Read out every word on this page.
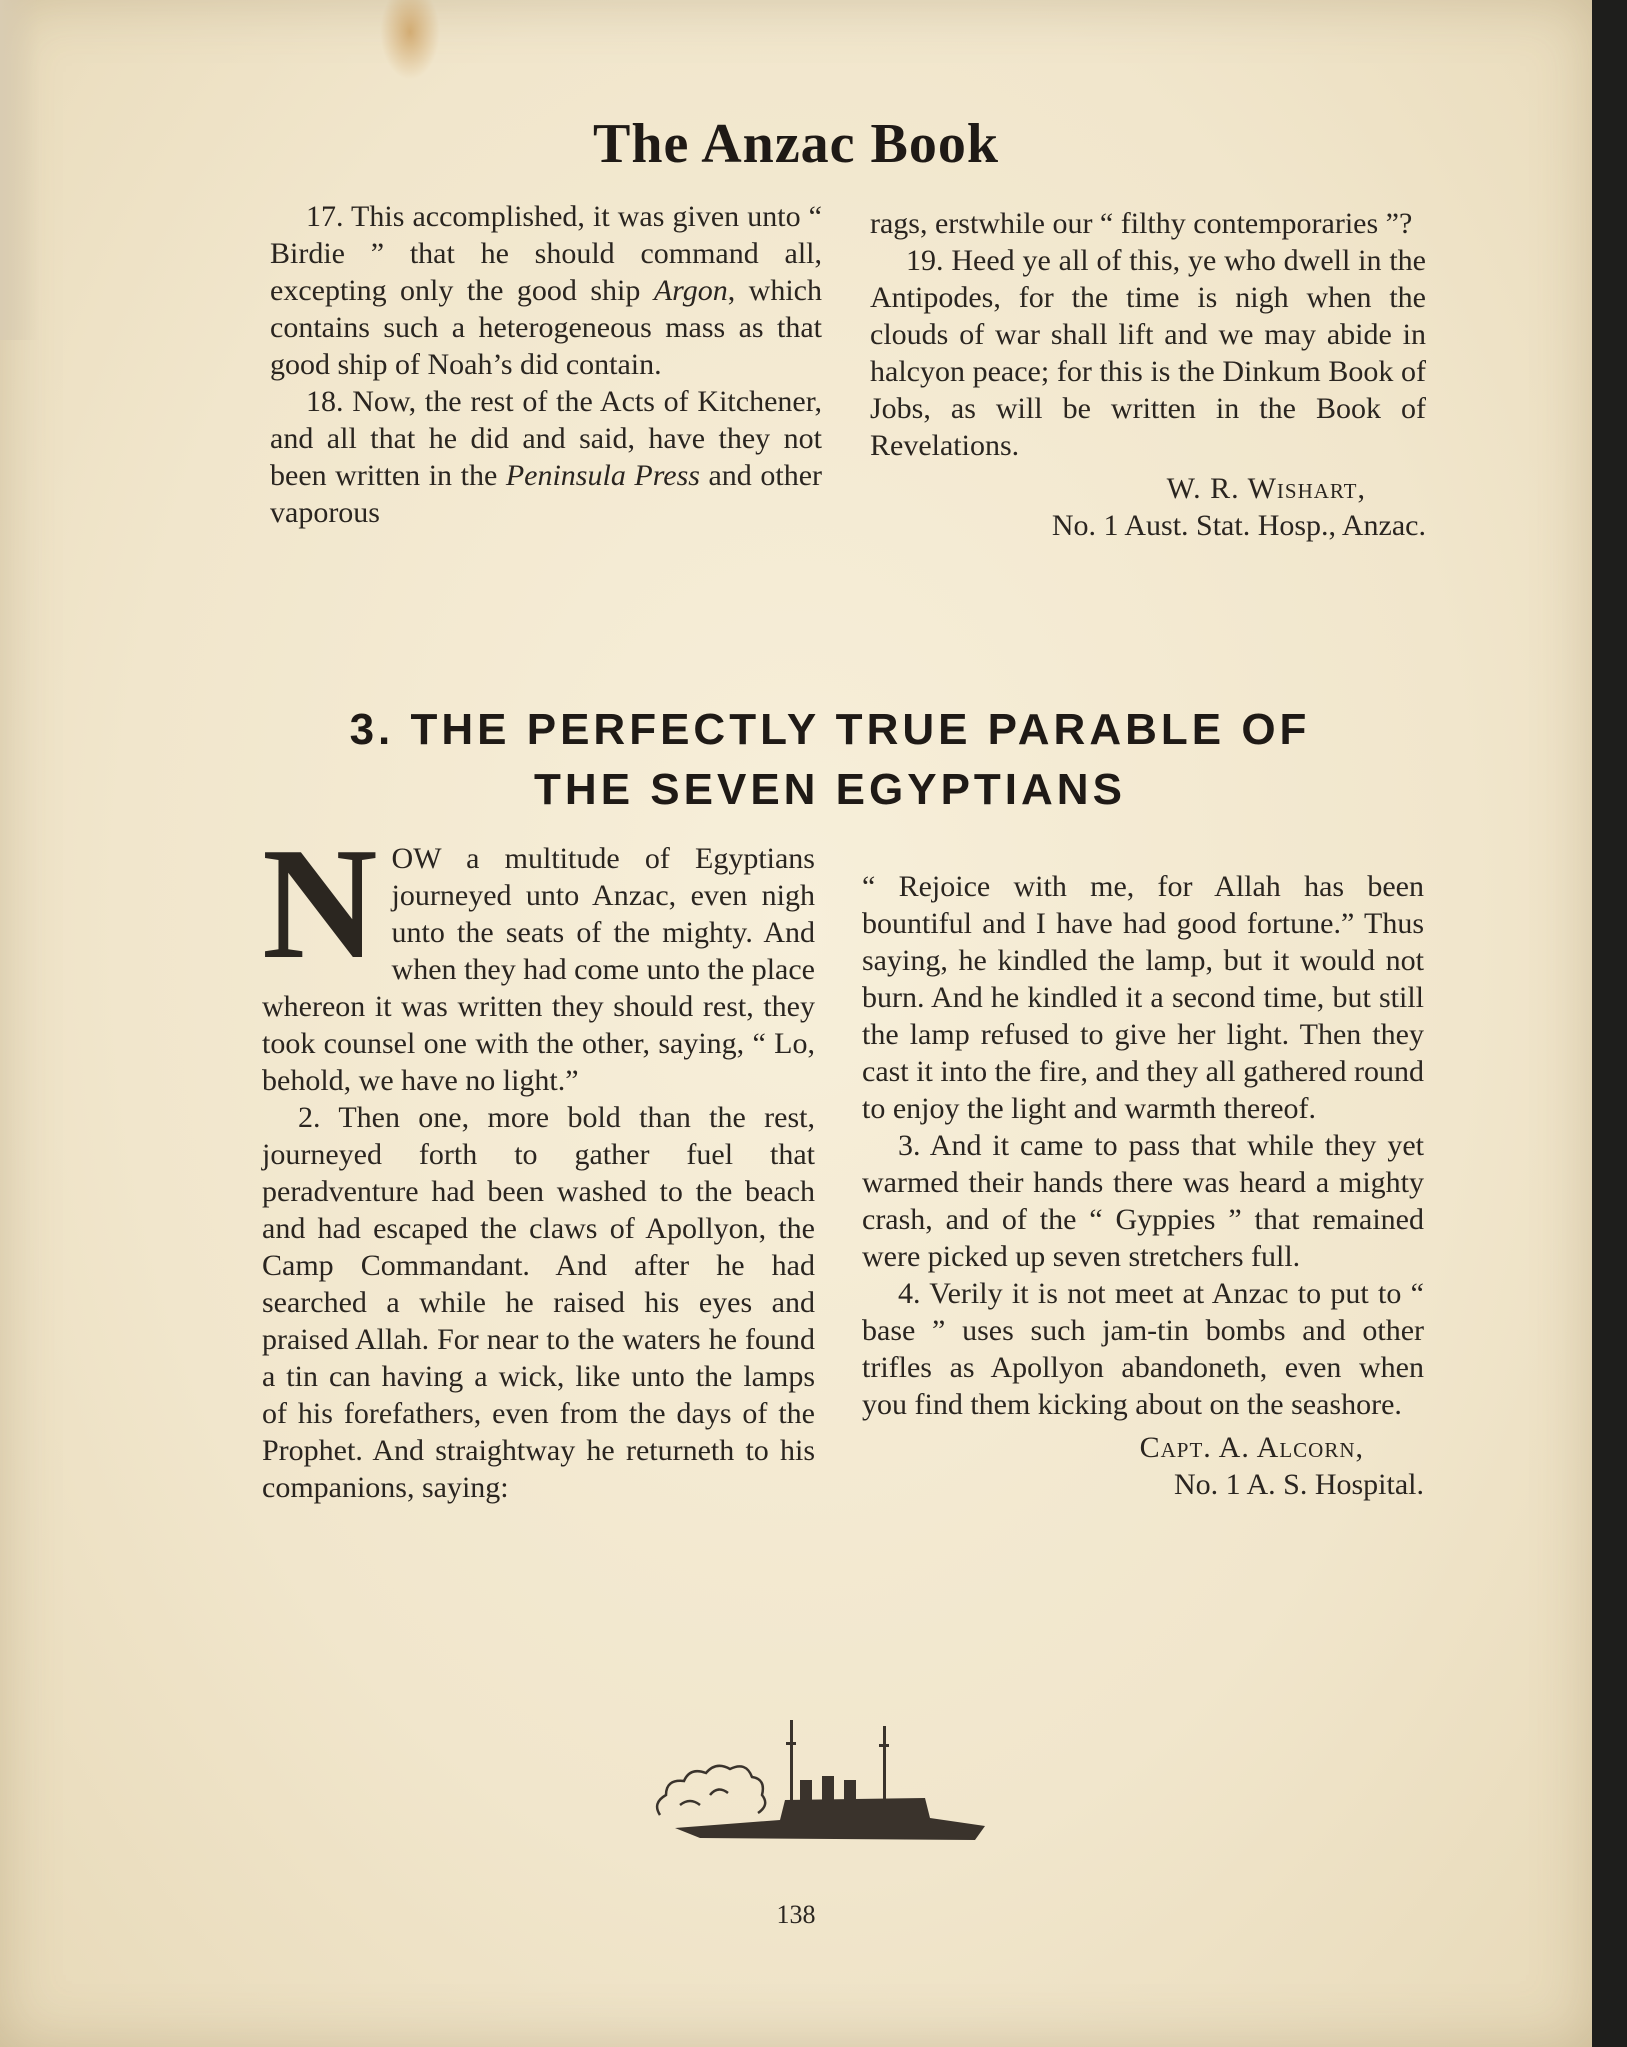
The Anzac Book

17. This accomplished, it was given unto “ Birdie ” that he should command all, excepting only the good ship Argon, which contains such a heterogeneous mass as that good ship of Noah’s did contain.

18. Now, the rest of the Acts of Kitchener, and all that he did and said, have they not been written in the Peninsula Press and other vaporous

rags, erstwhile our “ filthy contemporaries ”?

19. Heed ye all of this, ye who dwell in the Antipodes, for the time is nigh when the clouds of war shall lift and we may abide in halcyon peace; for this is the Dinkum Book of Jobs, as will be written in the Book of Revelations.

W. R. Wishart,

No. 1 Aust. Stat. Hosp., Anzac.

3. THE PERFECTLY TRUE PARABLE OF
THE SEVEN EGYPTIANS

NOW a multitude of Egyptians journeyed unto Anzac, even nigh unto the seats of the mighty. And when they had come unto the place whereon it was written they should rest, they took counsel one with the other, saying, “ Lo, behold, we have no light.”

2. Then one, more bold than the rest, journeyed forth to gather fuel that peradventure had been washed to the beach and had escaped the claws of Apollyon, the Camp Commandant. And after he had searched a while he raised his eyes and praised Allah. For near to the waters he found a tin can having a wick, like unto the lamps of his forefathers, even from the days of the Prophet. And straightway he returneth to his companions, saying:

“ Rejoice with me, for Allah has been bountiful and I have had good fortune.” Thus saying, he kindled the lamp, but it would not burn. And he kindled it a second time, but still the lamp refused to give her light. Then they cast it into the fire, and they all gathered round to enjoy the light and warmth thereof.

3. And it came to pass that while they yet warmed their hands there was heard a mighty crash, and of the “ Gyppies ” that remained were picked up seven stretchers full.

4. Verily it is not meet at Anzac to put to “ base ” uses such jam-tin bombs and other trifles as Apollyon abandoneth, even when you find them kicking about on the seashore.

Capt. A. Alcorn,

No. 1 A. S. Hospital.

138
